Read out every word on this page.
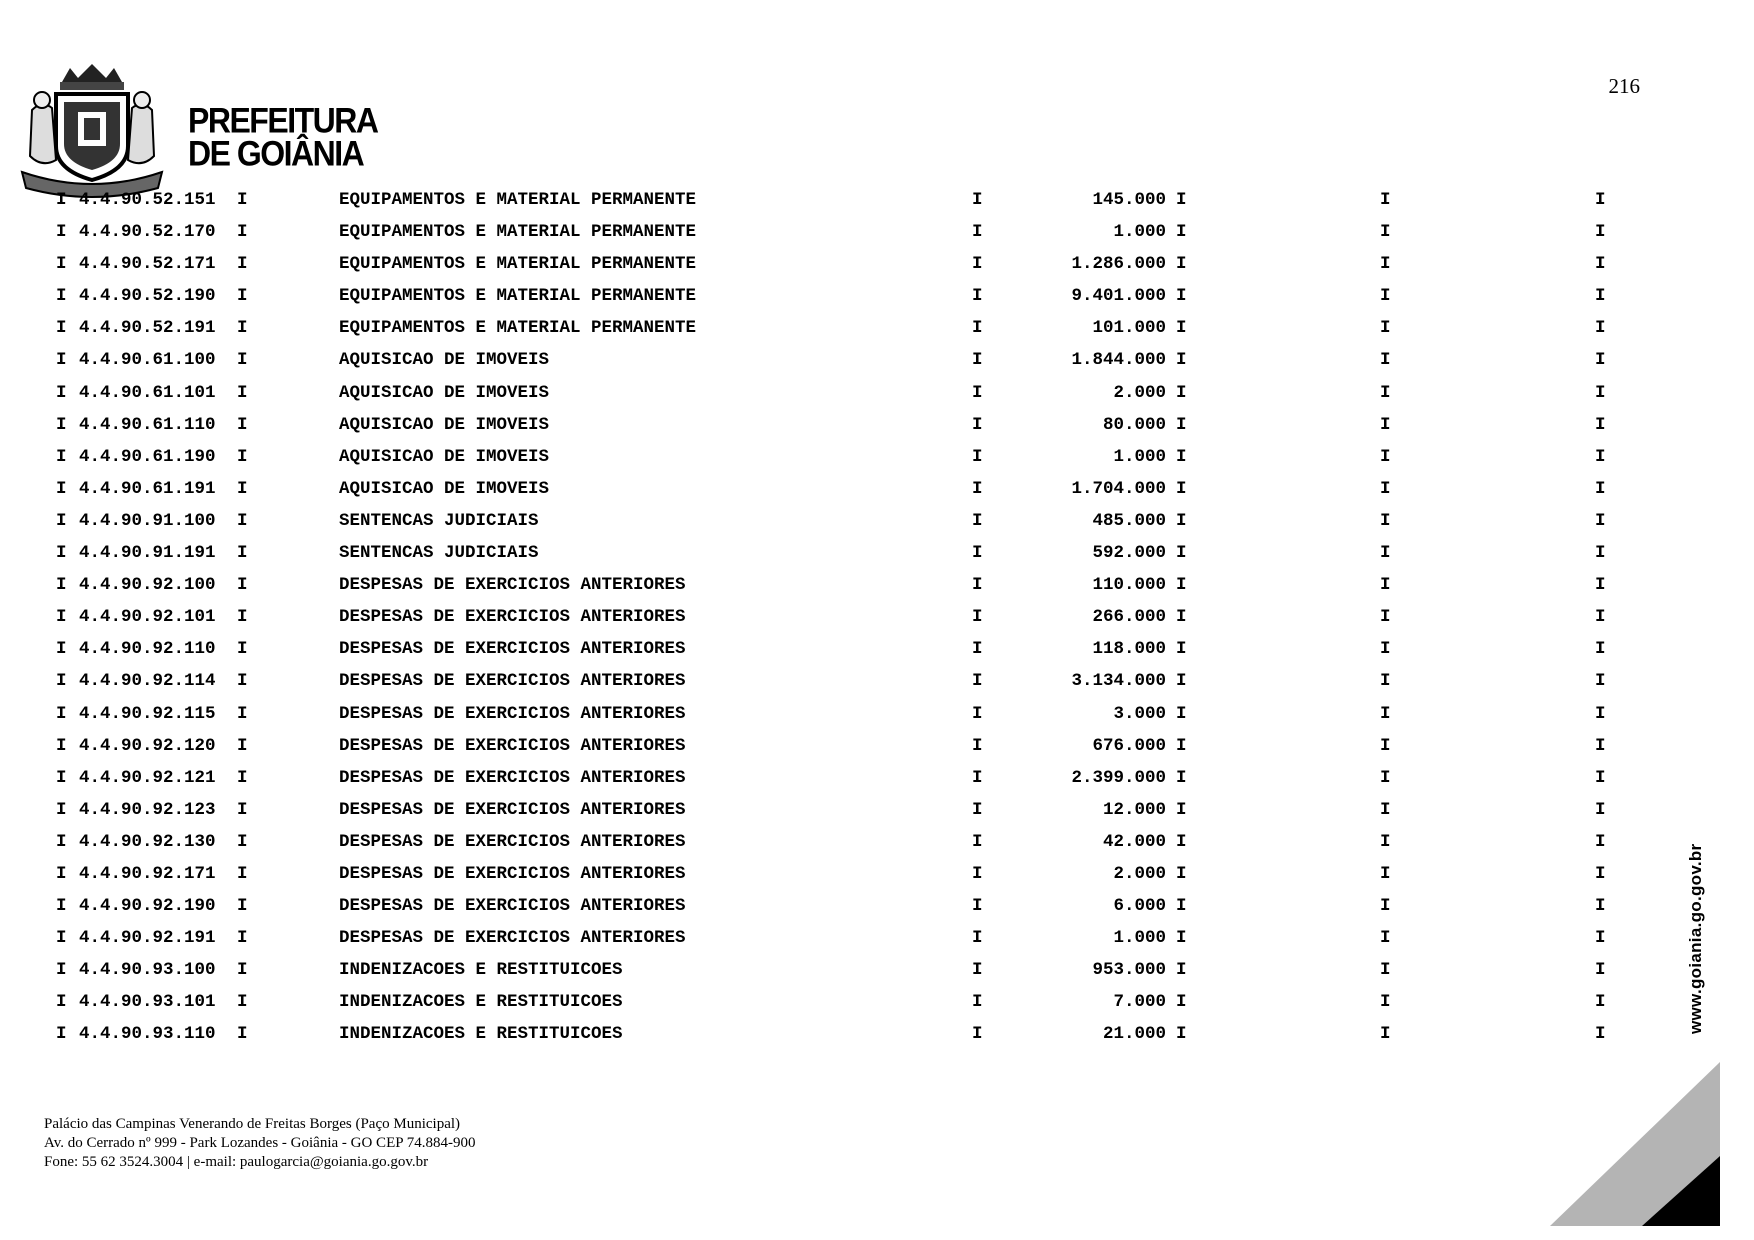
216
PREFEITURA
DE GOIÂNIA
I 4.4.90.52.151 I	EQUIPAMENTOS E MATERIAL PERMANENTE	I	145.000 I	I	I
I 4.4.90.52.170 I	EQUIPAMENTOS E MATERIAL PERMANENTE	I	1.000 I	I	I
I 4.4.90.52.171 I	EQUIPAMENTOS E MATERIAL PERMANENTE	I	1.286.000 I	I	I
I 4.4.90.52.190 I	EQUIPAMENTOS E MATERIAL PERMANENTE	I	9.401.000 I	I	I
I 4.4.90.52.191 I	EQUIPAMENTOS E MATERIAL PERMANENTE	I	101.000 I	I	I
I 4.4.90.61.100 I	AQUISICAO DE IMOVEIS	I	1.844.000 I	I	I
I 4.4.90.61.101 I	AQUISICAO DE IMOVEIS	I	2.000 I	I	I
I 4.4.90.61.110 I	AQUISICAO DE IMOVEIS	I	80.000 I	I	I
I 4.4.90.61.190 I	AQUISICAO DE IMOVEIS	I	1.000 I	I	I
I 4.4.90.61.191 I	AQUISICAO DE IMOVEIS	I	1.704.000 I	I	I
I 4.4.90.91.100 I	SENTENCAS JUDICIAIS	I	485.000 I	I	I
I 4.4.90.91.191 I	SENTENCAS JUDICIAIS	I	592.000 I	I	I
I 4.4.90.92.100 I	DESPESAS DE EXERCICIOS ANTERIORES	I	110.000 I	I	I
I 4.4.90.92.101 I	DESPESAS DE EXERCICIOS ANTERIORES	I	266.000 I	I	I
I 4.4.90.92.110 I	DESPESAS DE EXERCICIOS ANTERIORES	I	118.000 I	I	I
I 4.4.90.92.114 I	DESPESAS DE EXERCICIOS ANTERIORES	I	3.134.000 I	I	I
I 4.4.90.92.115 I	DESPESAS DE EXERCICIOS ANTERIORES	I	3.000 I	I	I
I 4.4.90.92.120 I	DESPESAS DE EXERCICIOS ANTERIORES	I	676.000 I	I	I
I 4.4.90.92.121 I	DESPESAS DE EXERCICIOS ANTERIORES	I	2.399.000 I	I	I
I 4.4.90.92.123 I	DESPESAS DE EXERCICIOS ANTERIORES	I	12.000 I	I	I
I 4.4.90.92.130 I	DESPESAS DE EXERCICIOS ANTERIORES	I	42.000 I	I	I
I 4.4.90.92.171 I	DESPESAS DE EXERCICIOS ANTERIORES	I	2.000 I	I	I
I 4.4.90.92.190 I	DESPESAS DE EXERCICIOS ANTERIORES	I	6.000 I	I	I
I 4.4.90.92.191 I	DESPESAS DE EXERCICIOS ANTERIORES	I	1.000 I	I	I
I 4.4.90.93.100 I	INDENIZACOES E RESTITUICOES	I	953.000 I	I	I
I 4.4.90.93.101 I	INDENIZACOES E RESTITUICOES	I	7.000 I	I	I
I 4.4.90.93.110 I	INDENIZACOES E RESTITUICOES	I	21.000 I	I	I
www.goiania.go.gov.br
Palácio das Campinas Venerando de Freitas Borges (Paço Municipal)
Av. do Cerrado nº 999 - Park Lozandes - Goiânia - GO CEP 74.884-900
Fone: 55 62 3524.3004 | e-mail: paulogarcia@goiania.go.gov.br
